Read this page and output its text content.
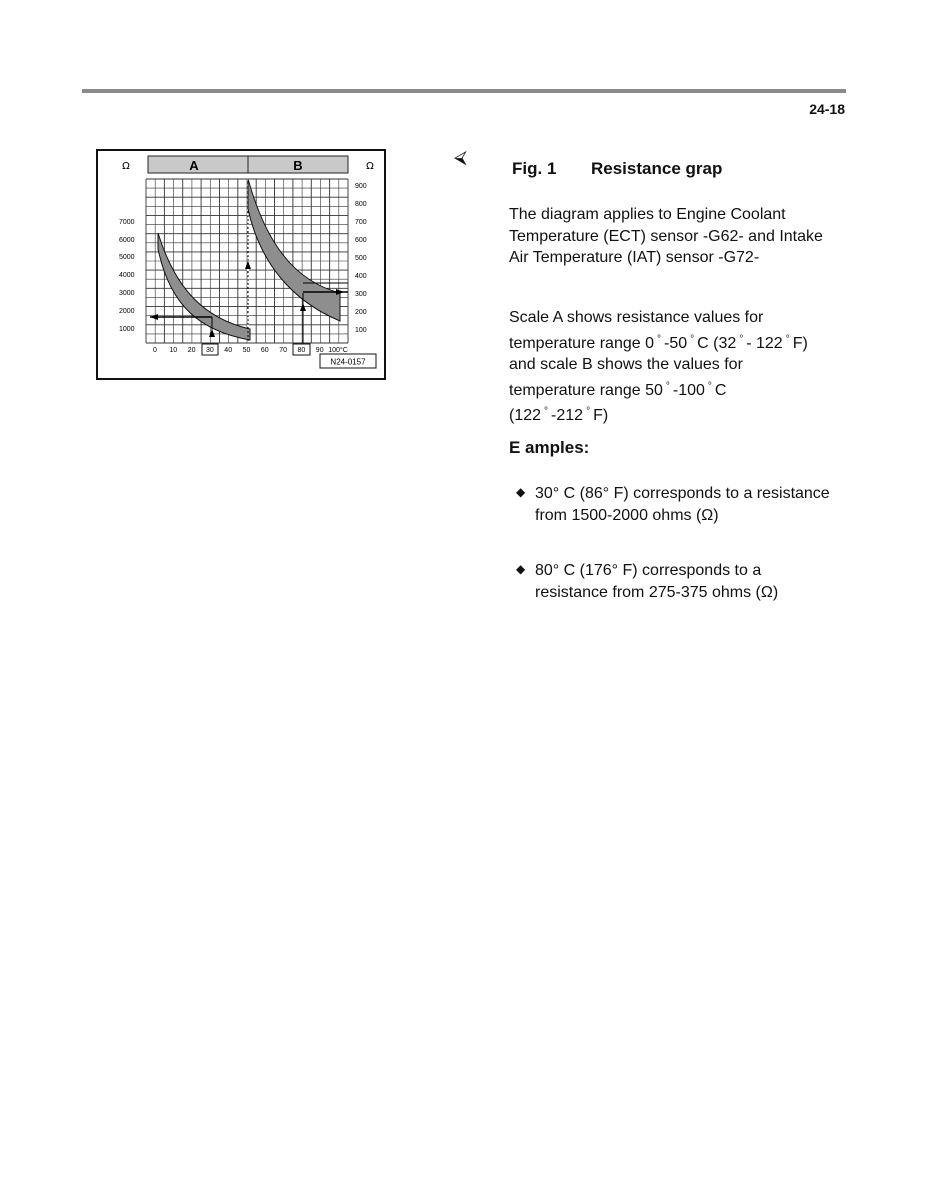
24-18
A	B
Ω	Ω
7000
6000
5000
4000
3000
2000
1000
900
800
700
600
500
400
300
200
100
0 10 20 30 40 50 60 70 80 90 100°C
N24-0157
⮘
Fig. 1 Resistance grap
The diagram applies to Engine Coolant Temperature (ECT) sensor -G62- and Intake Air Temperature (IAT) sensor -G72-
Scale A shows resistance values for temperature range 0 ° -50 ° C (32 ° - 122 ° F) and scale B shows the values for temperature range 50 ° -100 ° C (122 ° -212 ° F)
E amples:
◆ 30° C (86° F) corresponds to a resistance from 1500-2000 ohms (Ω)
◆ 80° C (176° F) corresponds to a resistance from 275-375 ohms (Ω)
